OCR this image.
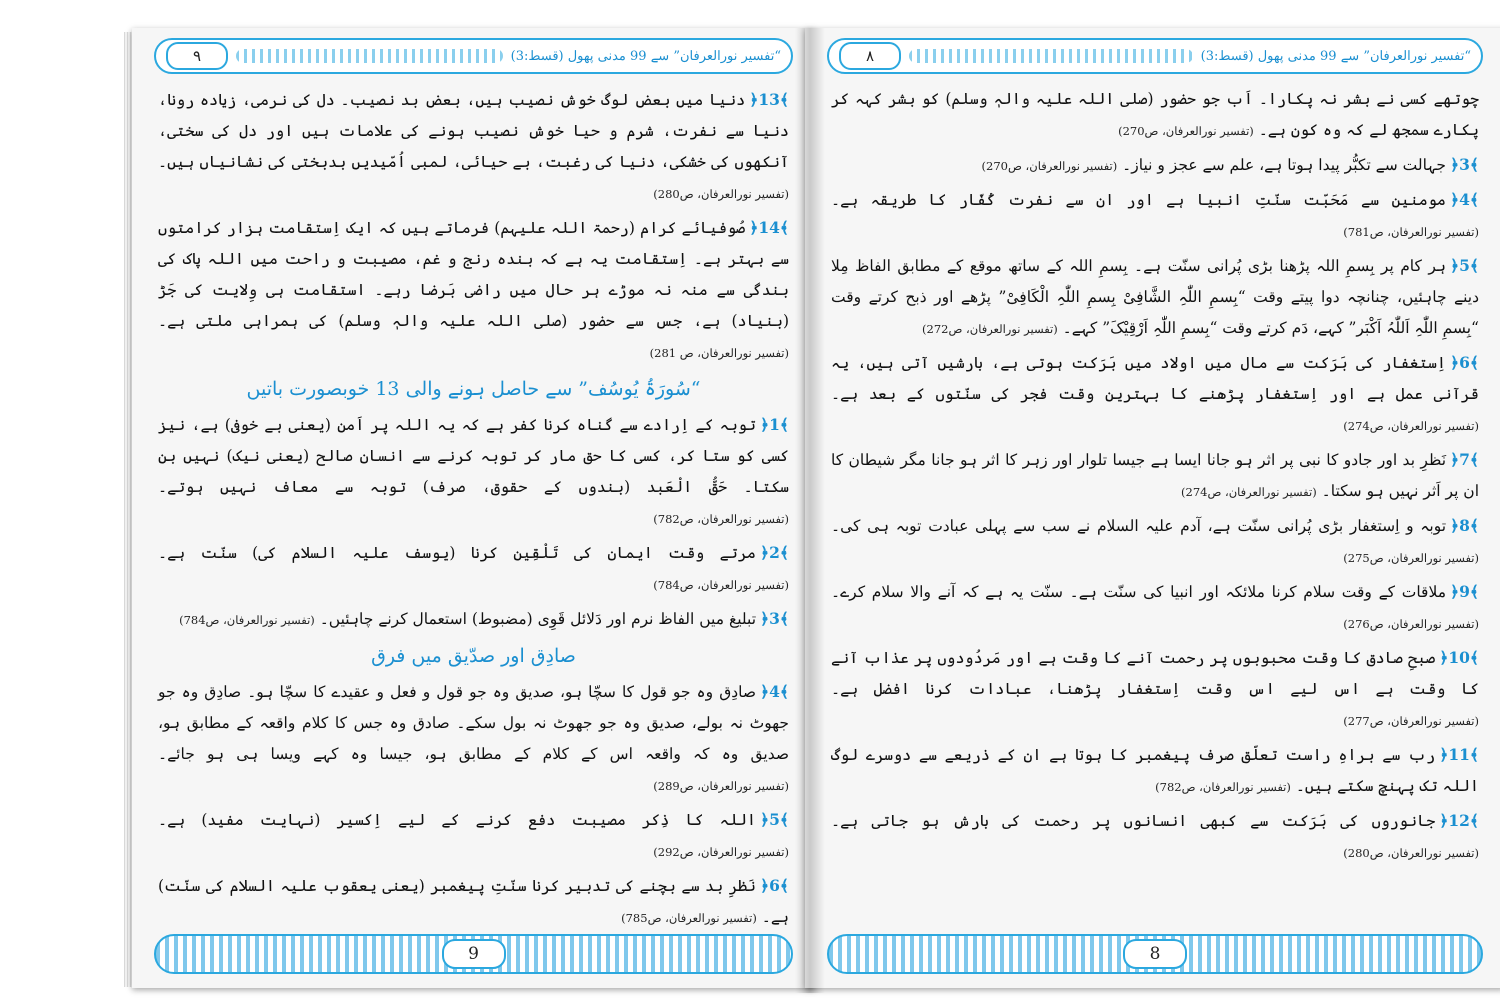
۹	“تفسیر نورالعرفان” سے 99 مدنی پھول (قسط:3)
﴾13﴿دنیا میں بعض لوگ خوش نصیب ہیں، بعض بد نصیب۔ دل کی نرمی، زیادہ رونا، دنیا سے نفرت، شرم و حیا خوش نصیب ہونے کی علامات ہیں اور دل کی سختی، آنکھوں کی خشکی، دنیا کی رغبت، بے حیائی، لمبی اُمّیدیں بدبختی کی نشانیاں ہیں۔ (تفسیر نورالعرفان، ص280)
﴾14﴿صُوفیائے کرام (رحمۃ اللہ علیہم) فرماتے ہیں کہ ایک اِستقامت ہزار کرامتوں سے بہتر ہے۔ اِستقامت یہ ہے کہ بندہ رنج و غم، مصیبت و راحت میں اللہ پاک کی بندگی سے منہ نہ موڑے ہر حال میں راضی بَرضا رہے۔ استقامت ہی وِلایت کی جَڑ (بنیاد) ہے، جس سے حضور (صلی اللہ علیہ والہٖ وسلم) کی ہمراہی ملتی ہے۔ (تفسیر نورالعرفان، ص 281)
“سُورَۃُ یُوسُف” سے حاصل ہونے والی 13 خوبصورت باتیں
﴾1﴿توبہ کے اِرادے سے گناہ کرنا کفر ہے کہ یہ اللہ پر اَمن (یعنی بے خوفی) ہے، نیز کسی کو ستا کر، کسی کا حق مار کر توبہ کرنے سے انسان صالح (یعنی نیک) نہیں بن سکتا۔ حَقُّ الْعَبد (بندوں کے حقوق، صرف) توبہ سے معاف نہیں ہوتے۔ (تفسیر نورالعرفان، ص782)
﴾2﴿مرتے وقت ایمان کی تَلْقِین کرنا (یوسف علیہ السلام کی) سنّت ہے۔ (تفسیر نورالعرفان، ص784)
﴾3﴿تبلیغ میں الفاظ نرم اور دَلائل قَوِی (مضبوط) استعمال کرنے چاہئیں۔ (تفسیر نورالعرفان، ص784)
صادِق اور صدّیق میں فرق
﴾4﴿صادِق وہ جو قول کا سچّا ہو، صدیق وہ جو قول و فعل و عقیدے کا سچّا ہو۔ صادِق وہ جو جھوٹ نہ بولے، صدیق وہ جو جھوٹ نہ بول سکے۔ صادق وہ جس کا کلام واقعہ کے مطابق ہو، صدیق وہ کہ واقعہ اس کے کلام کے مطابق ہو، جیسا وہ کہے ویسا ہی ہو جائے۔ (تفسیر نورالعرفان، ص289)
﴾5﴿اللہ کا ذِکر مصیبت دفع کرنے کے لیے اِکسیر (نہایت مفید) ہے۔ (تفسیر نورالعرفان، ص292)
﴾6﴿نَظرِ بد سے بچنے کی تدبیر کرنا سنّتِ پیغمبر (یعنی یعقوب علیہ السلام کی سنّت) ہے۔ (تفسیر نورالعرفان، ص785)
9
۸	“تفسیر نورالعرفان” سے 99 مدنی پھول (قسط:3)
چوتھے کسی نے بشر نہ پکارا۔ اَب جو حضور (صلی اللہ علیہ والہٖ وسلم) کو بشر کہہ کر پکارے سمجھ لے کہ وہ کون ہے۔ (تفسیر نورالعرفان، ص270)
﴾3﴿جہالت سے تکبُّر پیدا ہوتا ہے، علم سے عجز و نیاز۔ (تفسیر نورالعرفان، ص270)
﴾4﴿مومنین سے مَحَبّت سنّتِ انبیا ہے اور ان سے نفرت کُفّار کا طریقہ ہے۔ (تفسیر نورالعرفان، ص781)
﴾5﴿ہر کام پر بِسمِ اللہ پڑھنا بڑی پُرانی سنّت ہے۔ بِسمِ اللہ کے ساتھ موقع کے مطابق الفاظ مِلا دینے چاہئیں، چنانچہ دوا پیتے وقت “بِسمِ اللّٰہِ الشَّافِیْ بِسمِ اللّٰہِ الْکَافِیْ” پڑھے اور ذبح کرتے وقت “بِسمِ اللّٰہِ اَللّٰہُ اَکْبَر” کہے، دَم کرتے وقت “بِسمِ اللّٰہِ اَرْقِیْکَ” کہے۔ (تفسیر نورالعرفان، ص272)
﴾6﴿اِستغفار کی بَرَکت سے مال میں اولاد میں بَرَکت ہوتی ہے، بارشیں آتی ہیں، یہ قرآنی عمل ہے اور اِستغفار پڑھنے کا بہترین وقت فجر کی سنّتوں کے بعد ہے۔ (تفسیر نورالعرفان، ص274)
﴾7﴿نَظرِ بد اور جادو کا نبی پر اثر ہو جانا ایسا ہے جیسا تلوار اور زہر کا اثر ہو جانا مگر شیطان کا ان پر اَثر نہیں ہو سکتا۔ (تفسیر نورالعرفان، ص274)
﴾8﴿توبہ و اِستغفار بڑی پُرانی سنّت ہے، آدم علیہ السلام نے سب سے پہلی عبادت توبہ ہی کی۔ (تفسیر نورالعرفان، ص275)
﴾9﴿ملاقات کے وقت سلام کرنا ملائکہ اور انبیا کی سنّت ہے۔ سنّت یہ ہے کہ آنے والا سلام کرے۔ (تفسیر نورالعرفان، ص276)
﴾10﴿صبحِ صادق کا وقت محبوبوں پر رحمت آنے کا وقت ہے اور مَردُودوں پر عذاب آنے کا وقت ہے اس لیے اس وقت اِستغفار پڑھنا، عبادات کرنا افضل ہے۔ (تفسیر نورالعرفان، ص277)
﴾11﴿رب سے براہِ راست تعلّق صرف پیغمبر کا ہوتا ہے ان کے ذریعے سے دوسرے لوگ اللہ تک پہنچ سکتے ہیں۔ (تفسیر نورالعرفان، ص782)
﴾12﴿جانوروں کی بَرَکت سے کبھی انسانوں پر رحمت کی بارش ہو جاتی ہے۔ (تفسیر نورالعرفان، ص280)
8
